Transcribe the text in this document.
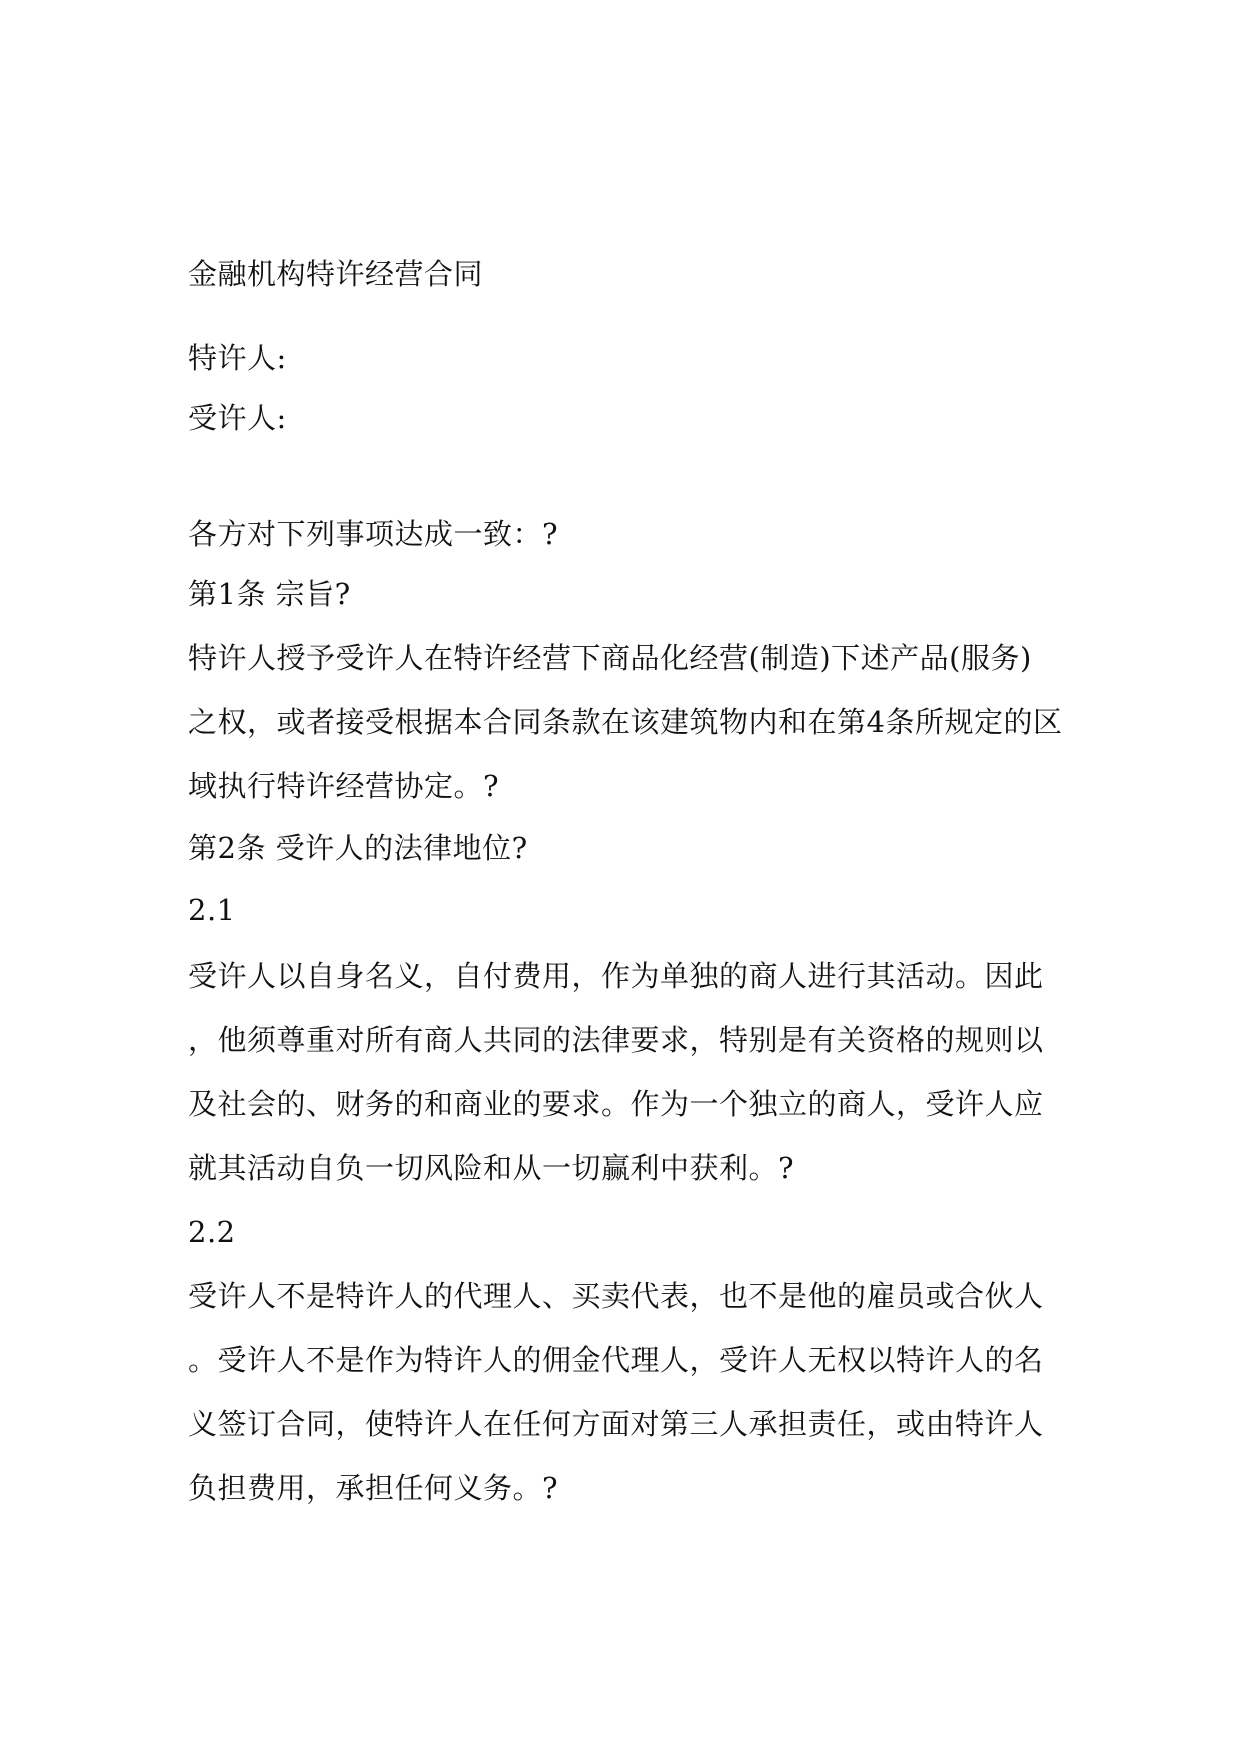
金融机构特许经营合同
特许人:
受许人:
各方对下列事项达成一致：?
第1条 宗旨?
特许人授予受许人在特许经营下商品化经营(制造)下述产品(服务)
之权，或者接受根据本合同条款在该建筑物内和在第4条所规定的区
域执行特许经营协定。?
第2条 受许人的法律地位?
2.1
受许人以自身名义，自付费用，作为单独的商人进行其活动。因此
，他须尊重对所有商人共同的法律要求，特别是有关资格的规则以
及社会的、财务的和商业的要求。作为一个独立的商人，受许人应
就其活动自负一切风险和从一切赢利中获利。?
2.2
受许人不是特许人的代理人、买卖代表，也不是他的雇员或合伙人
。受许人不是作为特许人的佣金代理人，受许人无权以特许人的名
义签订合同，使特许人在任何方面对第三人承担责任，或由特许人
负担费用，承担任何义务。?
